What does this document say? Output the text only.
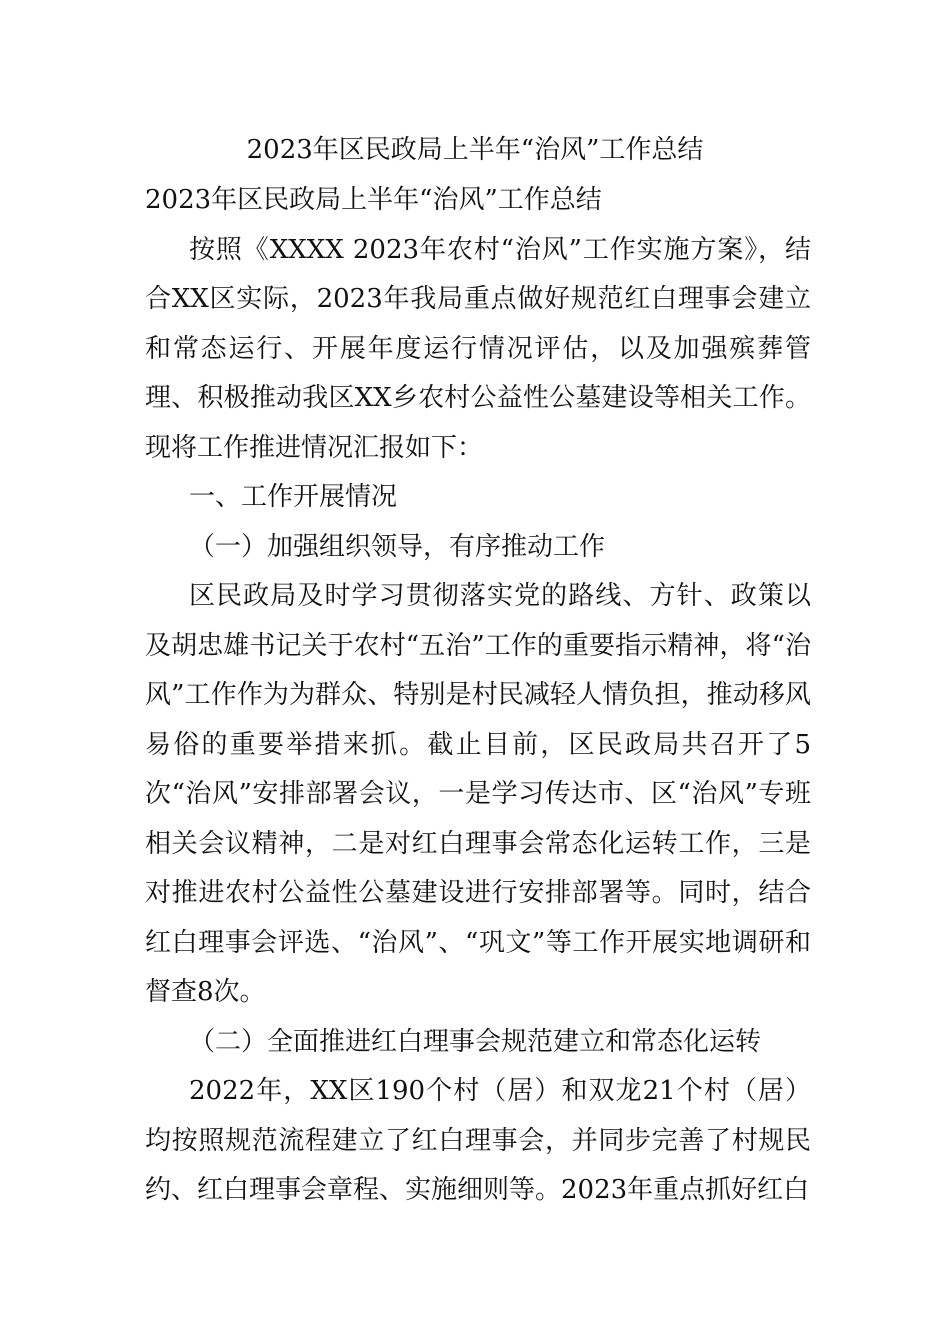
2023年区民政局上半年“治风”工作总结

2023年区民政局上半年“治风”工作总结

按照《XXXX 2023年农村“治风”工作实施方案》，结合XX区实际，2023年我局重点做好规范红白理事会建立和常态运行、开展年度运行情况评估，以及加强殡葬管理、积极推动我区XX乡农村公益性公墓建设等相关工作。现将工作推进情况汇报如下：

一、工作开展情况

（一）加强组织领导，有序推动工作

区民政局及时学习贯彻落实党的路线、方针、政策以及胡忠雄书记关于农村“五治”工作的重要指示精神，将“治风”工作作为为群众、特别是村民减轻人情负担，推动移风易俗的重要举措来抓。截止目前，区民政局共召开了5次“治风”安排部署会议，一是学习传达市、区“治风”专班相关会议精神，二是对红白理事会常态化运转工作，三是对推进农村公益性公墓建设进行安排部署等。同时，结合红白理事会评选、“治风”、“巩文”等工作开展实地调研和督查8次。

（二）全面推进红白理事会规范建立和常态化运转

2022年，XX区190个村（居）和双龙21个村（居）均按照规范流程建立了红白理事会，并同步完善了村规民约、红白理事会章程、实施细则等。2023年重点抓好红白
